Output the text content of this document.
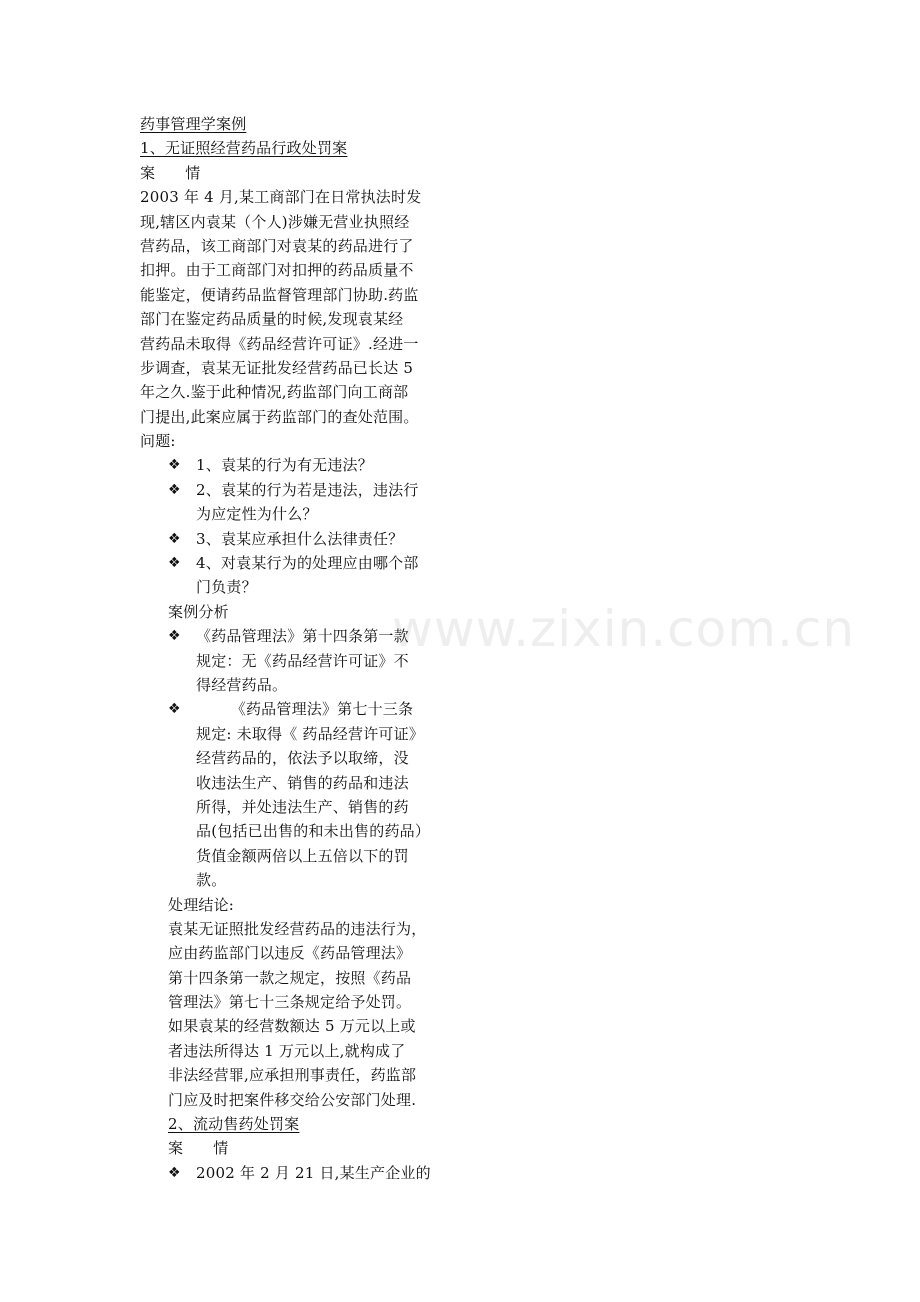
药事管理学案例
1、无证照经营药品行政处罚案
案 情
2003 年 4 月,某工商部门在日常执法时发
现,辖区内袁某（个人)涉嫌无营业执照经
营药品，该工商部门对袁某的药品进行了
扣押。由于工商部门对扣押的药品质量不
能鉴定，便请药品监督管理部门协助.药监
部门在鉴定药品质量的时候,发现袁某经
营药品未取得《药品经营许可证》.经进一
步调查，袁某无证批发经营药品已长达 5
年之久.鉴于此种情况,药监部门向工商部
门提出,此案应属于药监部门的查处范围。
问题:
❖ 1、袁某的行为有无违法？
❖ 2、袁某的行为若是违法，违法行
为应定性为什么？
❖ 3、袁某应承担什么法律责任？
❖ 4、对袁某行为的处理应由哪个部
门负责？
案例分析
❖ 《药品管理法》第十四条第一款
规定：无《药品经营许可证》不
得经营药品。
❖ 《药品管理法》第七十三条
规定: 未取得《 药品经营许可证》
经营药品的，依法予以取缔，没
收违法生产、销售的药品和违法
所得，并处违法生产、销售的药
品(包括已出售的和未出售的药品）
货值金额两倍以上五倍以下的罚
款。
处理结论:
袁某无证照批发经营药品的违法行为，
应由药监部门以违反《药品管理法》
第十四条第一款之规定，按照《药品
管理法》第七十三条规定给予处罚。
如果袁某的经营数额达 5 万元以上或
者违法所得达 1 万元以上,就构成了
非法经营罪,应承担刑事责任，药监部
门应及时把案件移交给公安部门处理.
2、流动售药处罚案
案 情
❖ 2002 年 2 月 21 日,某生产企业的
www.zixin.com.cn
